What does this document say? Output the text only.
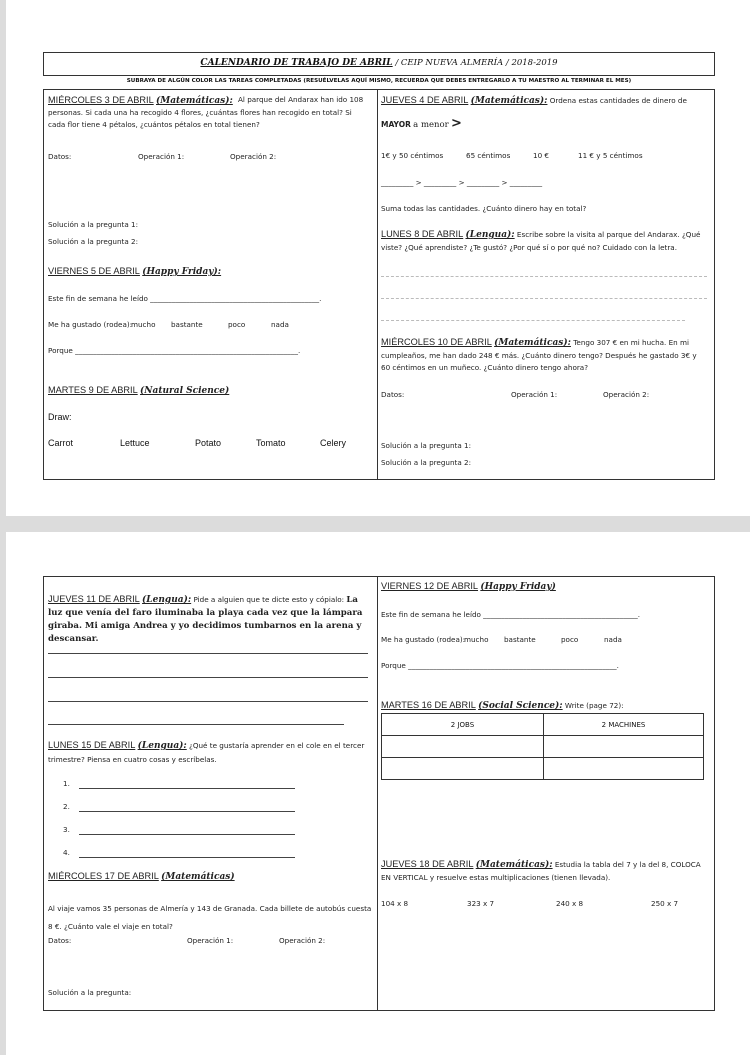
CALENDARIO DE TRABAJO DE ABRIL / CEIP NUEVA ALMERÍA / 2018-2019
SUBRAYA DE ALGÚN COLOR LAS TAREAS COMPLETADAS (RESUÉLVELAS AQUÍ MISMO, RECUERDA QUE DEBES ENTREGARLO A TU MAESTRO AL TERMINAR EL MES)
MIÉRCOLES 3 DE ABRIL (Matemáticas): Al parque del Andarax han ido 108 personas. Si cada una ha recogido 4 flores, ¿cuántas flores han recogido en total? Si cada flor tiene 4 pétalos, ¿cuántos pétalos en total tienen?
Datos:	Operación 1:	Operación 2:
Solución a la pregunta 1:
Solución a la pregunta 2:
VIERNES 5 DE ABRIL (Happy Friday):
Este fin de semana he leído _______________________________________________.
Me ha gustado (rodea):
mucho bastante	poco	nada
Porque ______________________________________________________________.
MARTES 9 DE ABRIL (Natural Science)
Draw:
Carrot	Lettuce	Potato	Tomato	Celery
JUEVES 4 DE ABRIL (Matemáticas): Ordena estas cantidades de dinero de
MAYOR a menor >
1€ y 50 céntimos	65 céntimos	10 €	11 € y 5 céntimos
_________ > _________ > _________ > _________
Suma todas las cantidades. ¿Cuánto dinero hay en total?
LUNES 8 DE ABRIL (Lengua): Escribe sobre la visita al parque del Andarax. ¿Qué viste? ¿Qué aprendiste? ¿Te gustó? ¿Por qué sí o por qué no? Cuidado con la letra.
MIÉRCOLES 10 DE ABRIL (Matemáticas): Tengo 307 € en mi hucha. En mi cumpleaños, me han dado 248 € más. ¿Cuánto dinero tengo? Después he gastado 3€ y 60 céntimos en un muñeco. ¿Cuánto dinero tengo ahora?
Datos:	Operación 1:	Operación 2:
Solución a la pregunta 1:
Solución a la pregunta 2:
JUEVES 11 DE ABRIL (Lengua): Pide a alguien que te dicte esto y cópialo: La luz que venía del faro iluminaba la playa cada vez que la lámpara giraba. Mi amiga Andrea y yo decidimos tumbarnos en la arena y descansar.
LUNES 15 DE ABRIL (Lengua): ¿Qué te gustaría aprender en el cole en el tercer trimestre? Piensa en cuatro cosas y escríbelas.
1.
2.
3.
4.
MIÉRCOLES 17 DE ABRIL (Matemáticas)
Al viaje vamos 35 personas de Almería y 143 de Granada. Cada billete de autobús cuesta 8 €. ¿Cuánto vale el viaje en total?
Datos:	Operación 1:	Operación 2:
Solución a la pregunta:
VIERNES 12 DE ABRIL (Happy Friday)
Este fin de semana he leído ___________________________________________.
Me ha gustado (rodea):
mucho bastante	poco	nada
Porque __________________________________________________________.
MARTES 16 DE ABRIL (Social Science): Write (page 72):
2 JOBS	2 MACHINES

JUEVES 18 DE ABRIL (Matemáticas): Estudia la tabla del 7 y la del 8, COLOCA EN VERTICAL y resuelve estas multiplicaciones (tienen llevada).
104 x 8	323 x 7	240 x 8	250 x 7
